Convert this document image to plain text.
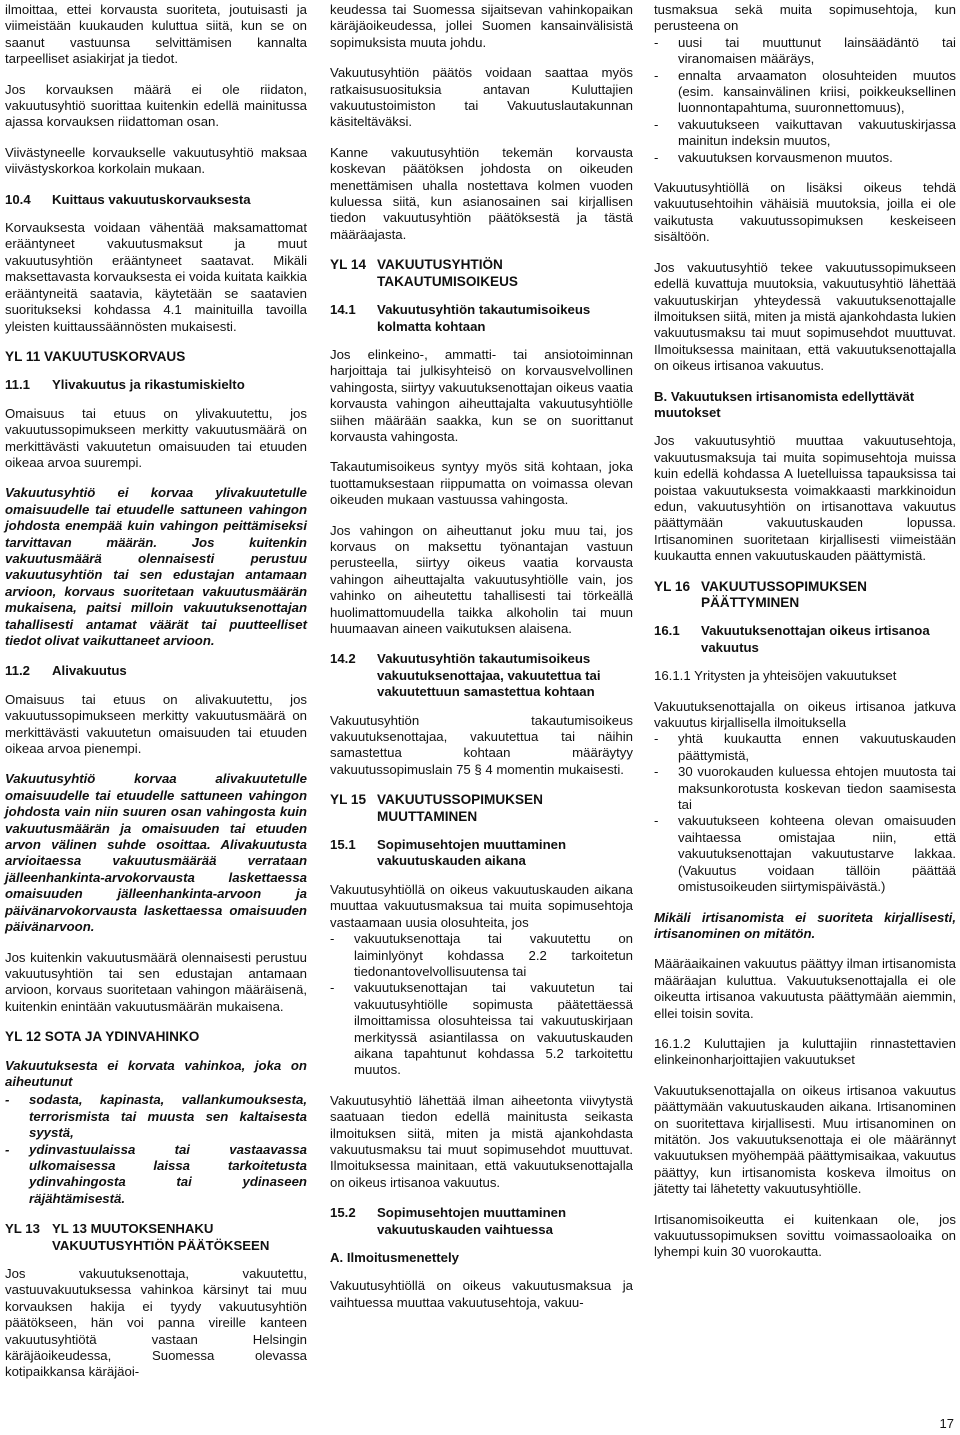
ilmoittaa, ettei korvausta suoriteta, joutuisasti ja viimeistään kuukauden kuluttua siitä, kun se on saanut vastuunsa selvittämisen kannalta tarpeelliset asiakirjat ja tiedot.

Jos korvauksen määrä ei ole riidaton, vakuutusyhtiö suorittaa kuitenkin edellä mainitussa ajassa korvauksen riidattoman osan.

Viivästyneelle korvaukselle vakuutusyhtiö maksaa viivästyskorkoa korkolain mukaan.

10.4	Kuittaus vakuutuskorvauksesta

Korvauksesta voidaan vähentää maksamattomat erääntyneet vakuutusmaksut ja muut vakuutusyhtiön erääntyneet saatavat. Mikäli maksettavasta korvauksesta ei voida kuitata kaikkia erääntyneitä saatavia, käytetään se saatavien suoritukseksi kohdassa 4.1 mainituilla tavoilla yleisten kuittaussäännösten mukaisesti.

YL 11 VAKUUTUSKORVAUS
11.1	Ylivakuutus ja rikastumiskielto

Omaisuus tai etuus on ylivakuutettu, jos vakuutussopimukseen merkitty vakuutusmäärä on merkittävästi vakuutetun omaisuuden tai etuuden oikeaa arvoa suurempi.

Vakuutusyhtiö ei korvaa ylivakuutetulle omaisuudelle tai etuudelle sattuneen vahingon johdosta enempää kuin vahingon peittämiseksi tarvittavan määrän. Jos kuitenkin vakuutusmäärä olennaisesti perustuu vakuutusyhtiön tai sen edustajan antamaan arvioon, korvaus suoritetaan vakuutusmäärän mukaisena, paitsi milloin vakuutuksenottajan tahallisesti antamat väärät tai puutteelliset tiedot olivat vaikuttaneet arvioon.

11.2	Alivakuutus

Omaisuus tai etuus on alivakuutettu, jos vakuutussopimukseen merkitty vakuutusmäärä on merkittävästi vakuutetun omaisuuden tai etuuden oikeaa arvoa pienempi.

Vakuutusyhtiö korvaa alivakuutetulle omaisuudelle tai etuudelle sattuneen vahingon johdosta vain niin suuren osan vahingosta kuin vakuutusmäärän ja omaisuuden tai etuuden arvon välinen suhde osoittaa. Alivakuutusta arvioitaessa vakuutusmäärää verrataan jälleenhankinta-arvokorvausta laskettaessa omaisuuden jälleenhankinta-arvoon ja päivänarvokorvausta laskettaessa omaisuuden päivänarvoon.

Jos kuitenkin vakuutusmäärä olennaisesti perustuu vakuutusyhtiön tai sen edustajan antamaan arvioon, korvaus suoritetaan vahingon määräisenä, kuitenkin enintään vakuutusmäärän mukaisena.

YL 12 SOTA JA YDINVAHINKO

Vakuutuksesta ei korvata vahinkoa, joka on aiheutunut

-	sodasta, kapinasta, vallankumouksesta, terrorismista tai muusta sen kaltaisesta syystä,
-	ydinvastuulaissa tai vastaavassa ulkomaisessa laissa tarkoitetusta ydinvahingosta tai ydinaseen räjähtämisestä.
YL 13 YL 13 MUUTOKSENHAKU VAKUUTUSYHTIÖN PÄÄTÖKSEEN

Jos vakuutuksenottaja, vakuutettu, vastuuvakuutuksessa vahinkoa kärsinyt tai muu korvauksen hakija ei tyydy vakuutusyhtiön päätökseen, hän voi panna vireille kanteen vakuutusyhtiötä vastaan Helsingin käräjäoikeudessa, Suomessa olevassa kotipaikkansa käräjäoi-

keudessa tai Suomessa sijaitsevan vahinkopaikan käräjäoikeudessa, jollei Suomen kansainvälisistä sopimuksista muuta johdu.

Vakuutusyhtiön päätös voidaan saattaa myös ratkaisusuosituksia antavan Kuluttajien vakuutustoimiston tai Vakuutuslautakunnan käsiteltäväksi.

Kanne vakuutusyhtiön tekemän korvausta koskevan päätöksen johdosta on oikeuden menettämisen uhalla nostettava kolmen vuoden kuluessa siitä, kun asianosainen sai kirjallisen tiedon vakuutusyhtiön päätöksestä ja tästä määräajasta.

YL 14 VAKUUTUSYHTIÖN TAKAUTUMISOIKEUS
14.1	Vakuutusyhtiön takautumisoikeus kolmatta kohtaan

Jos elinkeino-, ammatti- tai ansiotoiminnan harjoittaja tai julkisyhteisö on korvausvelvollinen vahingosta, siirtyy vakuutuksenottajan oikeus vaatia korvausta vahingon aiheuttajalta vakuutusyhtiölle siihen määrään saakka, kun se on suorittanut korvausta vahingosta.

Takautumisoikeus syntyy myös sitä kohtaan, joka tuottamuksestaan riippumatta on voimassa olevan oikeuden mukaan vastuussa vahingosta.

Jos vahingon on aiheuttanut joku muu tai, jos korvaus on maksettu työnantajan vastuun perusteella, siirtyy oikeus vaatia korvausta vahingon aiheuttajalta vakuutusyhtiölle vain, jos vahinko on aiheutettu tahallisesti tai törkeällä huolimattomuudella taikka alkoholin tai muun huumaavan aineen vaikutuksen alaisena.

14.2	Vakuutusyhtiön takautumisoikeus vakuutuksenottajaa, vakuutettua tai vakuutettuun samastettua kohtaan

Vakuutusyhtiön takautumisoikeus vakuutuksenottajaa, vakuutettua tai näihin samastettua kohtaan määräytyy vakuutussopimuslain 75 § 4 momentin mukaisesti.

YL 15 VAKUUTUSSOPIMUKSEN MUUTTAMINEN
15.1	Sopimusehtojen muuttaminen vakuutuskauden aikana

Vakuutusyhtiöllä on oikeus vakuutuskauden aikana muuttaa vakuutusmaksua tai muita sopimusehtoja vastaamaan uusia olosuhteita, jos

-	vakuutuksenottaja tai vakuutettu on laiminlyönyt kohdassa 2.2 tarkoitetun tiedonantovelvollisuutensa tai
-	vakuutuksenottajan tai vakuutetun tai vakuutusyhtiölle sopimusta päätettäessä ilmoittamissa olosuhteissa tai vakuutuskirjaan merkityssä asiantilassa on vakuutuskauden aikana tapahtunut kohdassa 5.2 tarkoitettu muutos.

Vakuutusyhtiö lähettää ilman aiheetonta viivytystä saatuaan tiedon edellä mainitusta seikasta ilmoituksen siitä, miten ja mistä ajankohdasta vakuutusmaksu tai muut sopimusehdot muuttuvat. Ilmoituksessa mainitaan, että vakuutuksenottajalla on oikeus irtisanoa vakuutus.

15.2	Sopimusehtojen muuttaminen vakuutuskauden vaihtuessa
A. Ilmoitusmenettely

Vakuutusyhtiöllä on oikeus vakuutusmaksua ja vaihtuessa muuttaa vakuutusehtoja, vakuu-

tusmaksua sekä muita sopimusehtoja, kun perusteena on

-	uusi tai muuttunut lainsäädäntö tai viranomaisen määräys,
-	ennalta arvaamaton olosuhteiden muutos (esim. kansainvälinen kriisi, poikkeuksellinen luonnontapahtuma, suuronnettomuus),
-	vakuutukseen vaikuttavan vakuutuskirjassa mainitun indeksin muutos,
-	vakuutuksen korvausmenon muutos.

Vakuutusyhtiöllä on lisäksi oikeus tehdä vakuutusehtoihin vähäisiä muutoksia, joilla ei ole vaikutusta vakuutussopimuksen keskeiseen sisältöön.

Jos vakuutusyhtiö tekee vakuutussopimukseen edellä kuvattuja muutoksia, vakuutusyhtiö lähettää vakuutuskirjan yhteydessä vakuutuksenottajalle ilmoituksen siitä, miten ja mistä ajankohdasta lukien vakuutusmaksu tai muut sopimusehdot muuttuvat. Ilmoituksessa mainitaan, että vakuutuksenottajalla on oikeus irtisanoa vakuutus.

B. Vakuutuksen irtisanomista edellyttävät muutokset

Jos vakuutusyhtiö muuttaa vakuutusehtoja, vakuutusmaksuja tai muita sopimusehtoja muissa kuin edellä kohdassa A luetelluissa tapauksissa tai poistaa vakuutuksesta voimakkaasti markkinoidun edun, vakuutusyhtiön on irtisanottava vakuutus päättymään vakuutuskauden lopussa. Irtisanominen suoritetaan kirjallisesti viimeistään kuukautta ennen vakuutuskauden päättymistä.

YL 16 VAKUUTUSSOPIMUKSEN PÄÄTTYMINEN
16.1	Vakuutuksenottajan oikeus irtisanoa vakuutus

16.1.1 Yritysten ja yhteisöjen vakuutukset

Vakuutuksenottajalla on oikeus irtisanoa jatkuva vakuutus kirjallisella ilmoituksella

-	yhtä kuukautta ennen vakuutuskauden päättymistä,
-	30 vuorokauden kuluessa ehtojen muutosta tai maksunkorotusta koskevan tiedon saamisesta tai
-	vakuutukseen kohteena olevan omaisuuden vaihtaessa omistajaa niin, että vakuutuksenottajan vakuutustarve lakkaa. (Vakuutus voidaan tällöin päättää omistusoikeuden siirtymispäivästä.)

Mikäli irtisanomista ei suoriteta kirjallisesti, irtisanominen on mitätön.

Määräaikainen vakuutus päättyy ilman irtisanomista määräajan kuluttua. Vakuutuksenottajalla ei ole oikeutta irtisanoa vakuutusta päättymään aiemmin, ellei toisin sovita.

16.1.2 Kuluttajien ja kuluttajiin rinnastettavien elinkeinonharjoittajien vakuutukset

Vakuutuksenottajalla on oikeus irtisanoa vakuutus päättymään vakuutuskauden aikana. Irtisanominen on suoritettava kirjallisesti. Muu irtisanominen on mitätön. Jos vakuutuksenottaja ei ole määrännyt vakuutuksen myöhempää päättymisaikaa, vakuutus päättyy, kun irtisanomista koskeva ilmoitus on jätetty tai lähetetty vakuutusyhtiölle.

Irtisanomisoikeutta ei kuitenkaan ole, jos vakuutussopimuksen sovittu voimassaoloaika on lyhempi kuin 30 vuorokautta.

17
